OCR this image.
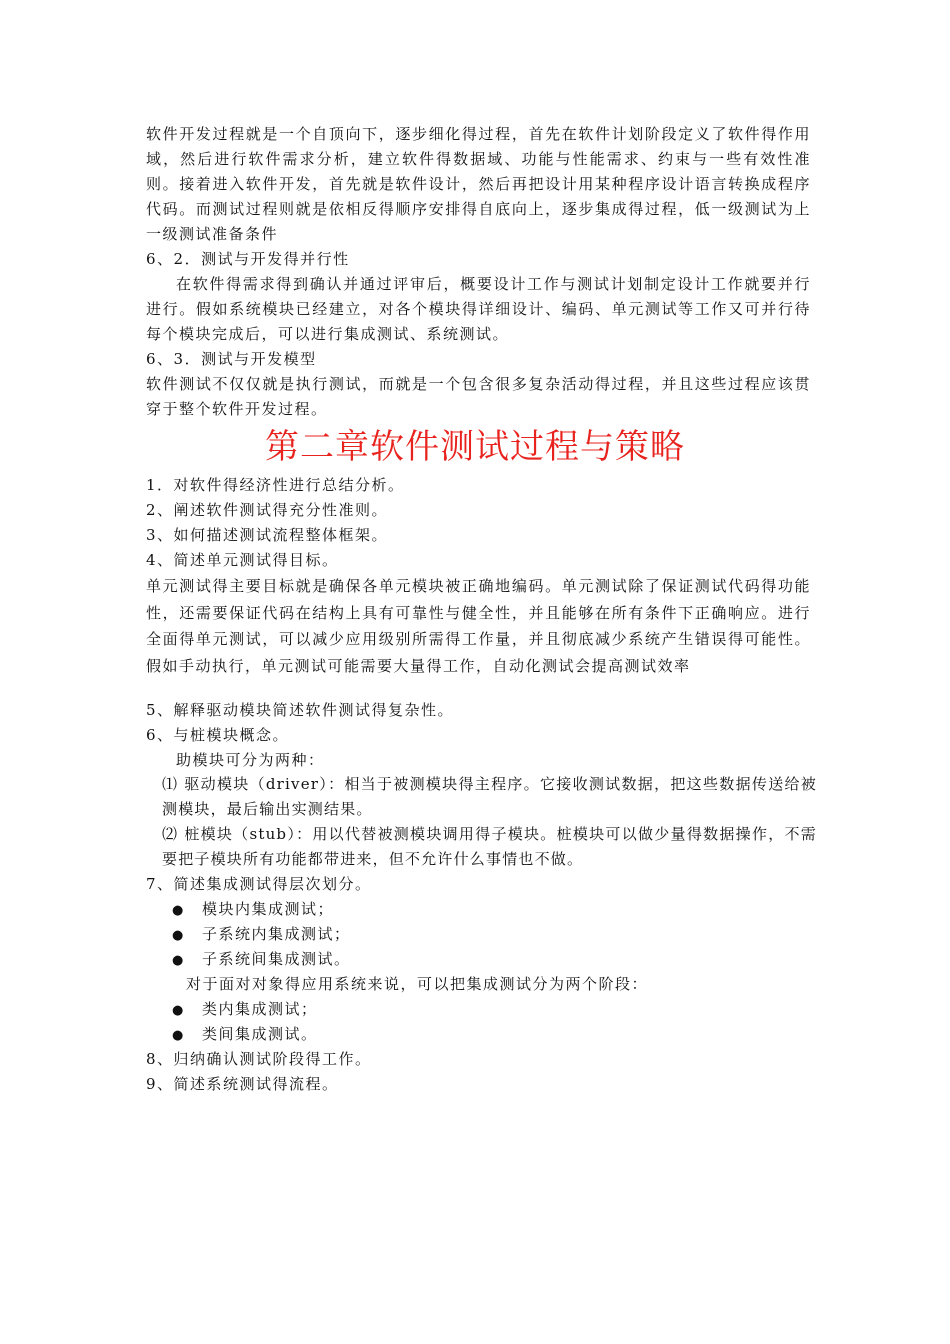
软件开发过程就是一个自顶向下，逐步细化得过程，首先在软件计划阶段定义了软件得作用域，然后进行软件需求分析，建立软件得数据域、功能与性能需求、约束与一些有效性准则。接着进入软件开发，首先就是软件设计，然后再把设计用某种程序设计语言转换成程序代码。而测试过程则就是依相反得顺序安排得自底向上，逐步集成得过程，低一级测试为上一级测试准备条件

6、2．测试与开发得并行性

在软件得需求得到确认并通过评审后，概要设计工作与测试计划制定设计工作就要并行进行。假如系统模块已经建立，对各个模块得详细设计、编码、单元测试等工作又可并行待每个模块完成后，可以进行集成测试、系统测试。

6、3．测试与开发模型

软件测试不仅仅就是执行测试，而就是一个包含很多复杂活动得过程，并且这些过程应该贯穿于整个软件开发过程。

第二章软件测试过程与策略

1．对软件得经济性进行总结分析。

2、阐述软件测试得充分性准则。

3、如何描述测试流程整体框架。

4、简述单元测试得目标。

单元测试得主要目标就是确保各单元模块被正确地编码。单元测试除了保证测试代码得功能性，还需要保证代码在结构上具有可靠性与健全性，并且能够在所有条件下正确响应。进行全面得单元测试，可以减少应用级别所需得工作量，并且彻底减少系统产生错误得可能性。假如手动执行，单元测试可能需要大量得工作，自动化测试会提高测试效率

5、解释驱动模块简述软件测试得复杂性。

6、与桩模块概念。

助模块可分为两种：

⑴ 驱动模块（driver）：相当于被测模块得主程序。它接收测试数据，把这些数据传送给被测模块，最后输出实测结果。

⑵ 桩模块（stub）：用以代替被测模块调用得子模块。桩模块可以做少量得数据操作，不需要把子模块所有功能都带进来，但不允许什么事情也不做。

7、简述集成测试得层次划分。

● 模块内集成测试；
● 子系统内集成测试；
● 子系统间集成测试。

对于面对对象得应用系统来说，可以把集成测试分为两个阶段：

● 类内集成测试；
● 类间集成测试。

8、归纳确认测试阶段得工作。

9、简述系统测试得流程。
